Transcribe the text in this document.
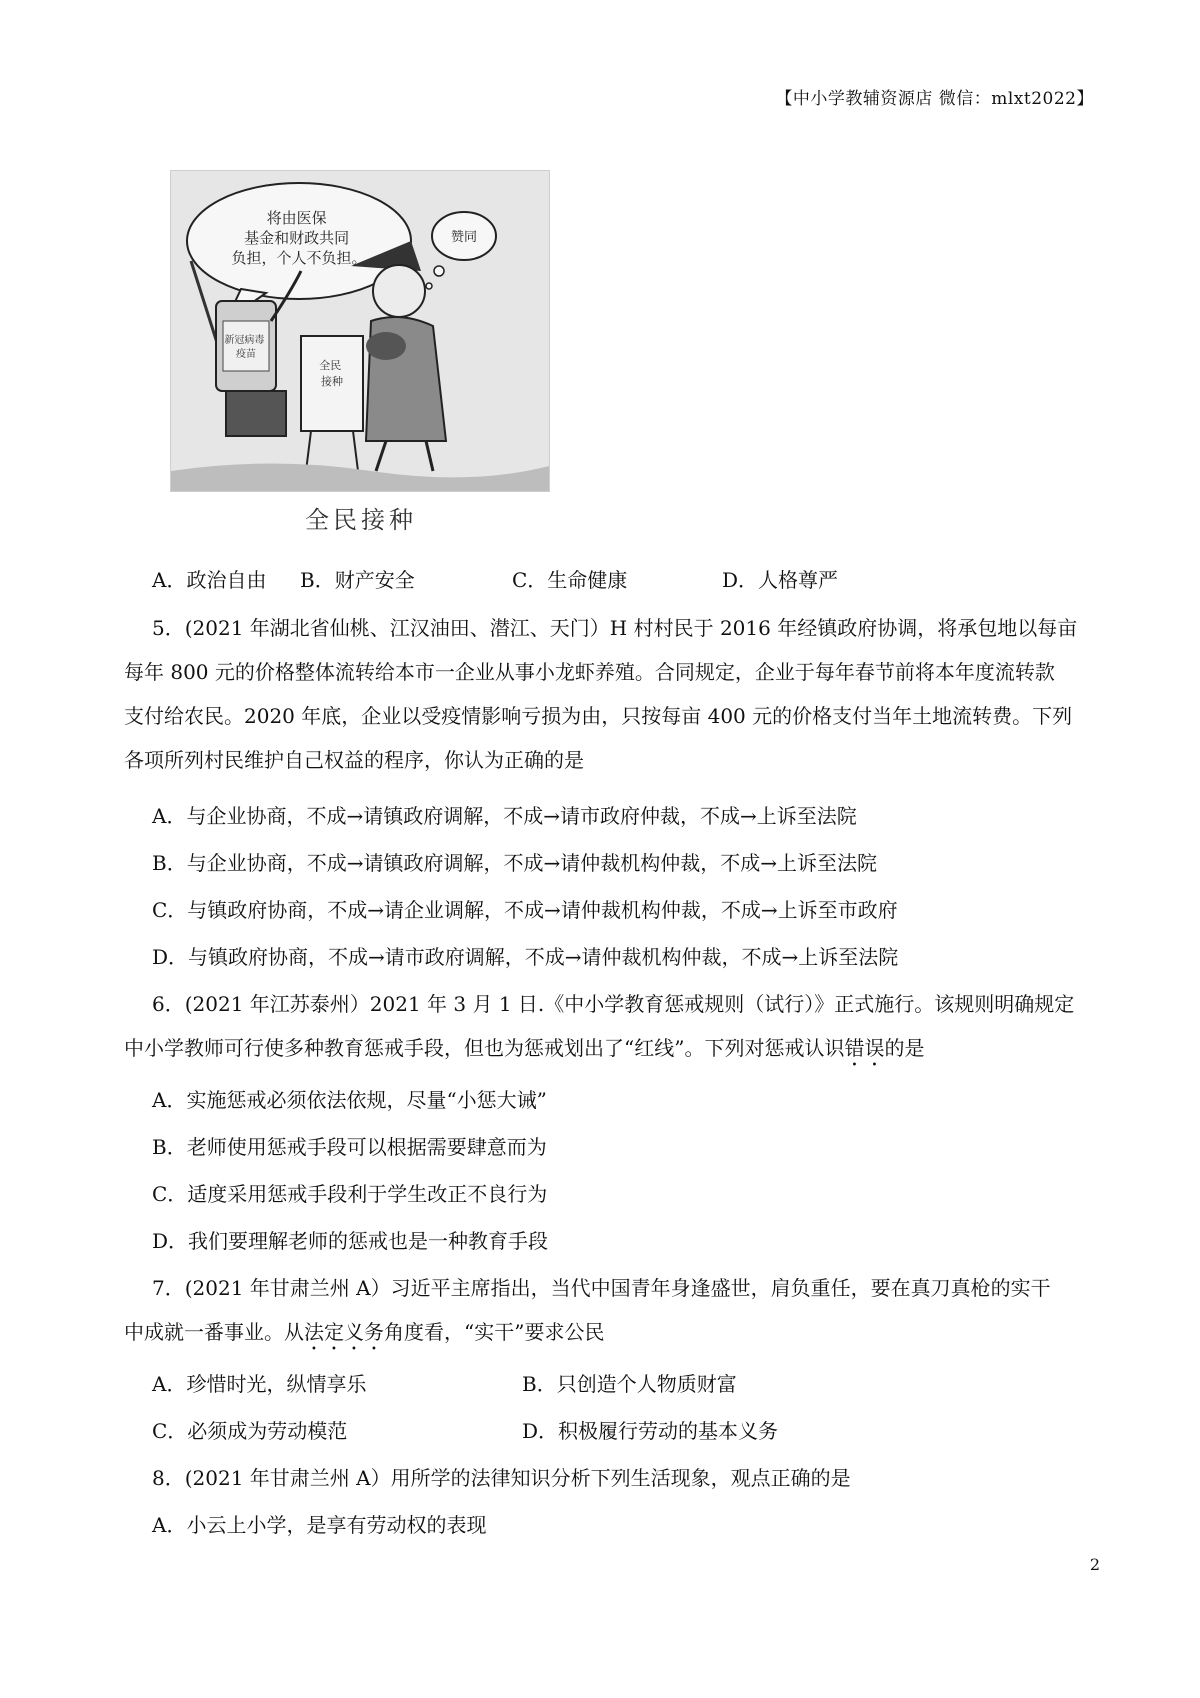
【中小学教辅资源店 微信：mlxt2022】
将由医保 基金和财政共同 负担，个人不负担。
赞同
新冠病毒 疫苗
全民 接种
全民接种
A．政治自由 B．财产安全	C．生命健康	D．人格尊严
5．(2021 年湖北省仙桃、江汉油田、潜江、天门）H 村村民于 2016 年经镇政府协调，将承包地以每亩
每年 800 元的价格整体流转给本市一企业从事小龙虾养殖。合同规定，企业于每年春节前将本年度流转款
支付给农民。2020 年底，企业以受疫情影响亏损为由，只按每亩 400 元的价格支付当年土地流转费。下列
各项所列村民维护自己权益的程序，你认为正确的是
A．与企业协商，不成→请镇政府调解，不成→请市政府仲裁，不成→上诉至法院
B．与企业协商，不成→请镇政府调解，不成→请仲裁机构仲裁，不成→上诉至法院
C．与镇政府协商，不成→请企业调解，不成→请仲裁机构仲裁，不成→上诉至市政府
D．与镇政府协商，不成→请市政府调解，不成→请仲裁机构仲裁，不成→上诉至法院
6．(2021 年江苏泰州）2021 年 3 月 1 日.《中小学教育惩戒规则（试行）》正式施行。该规则明确规定
中小学教师可行使多种教育惩戒手段，但也为惩戒划出了“红线”。下列对惩戒认识错误的是
A．实施惩戒必须依法依规，尽量“小惩大诫”
B．老师使用惩戒手段可以根据需要肆意而为
C．适度采用惩戒手段利于学生改正不良行为
D．我们要理解老师的惩戒也是一种教育手段
7．(2021 年甘肃兰州 A）习近平主席指出，当代中国青年身逢盛世，肩负重任，要在真刀真枪的实干
中成就一番事业。从法定义务角度看，“实干”要求公民
A．珍惜时光，纵情享乐	B．只创造个人物质财富
C．必须成为劳动模范	D．积极履行劳动的基本义务
8．(2021 年甘肃兰州 A）用所学的法律知识分析下列生活现象，观点正确的是
A．小云上小学，是享有劳动权的表现
2
